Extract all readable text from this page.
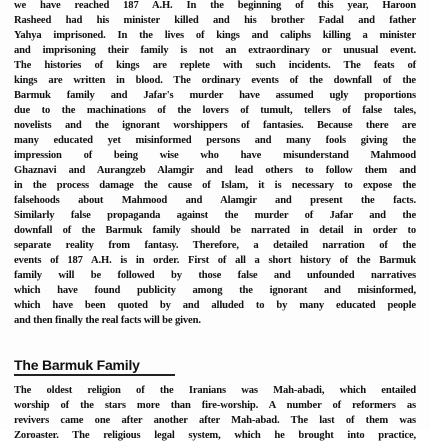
we have reached 187 A.H. In the beginning of this year, Haroon
Rasheed had his minister killed and his brother Fadal and father
Yahya imprisoned. In the lives of kings and caliphs killing a minister
and imprisoning their family is not an extraordinary or unusual event.
The histories of kings are replete with such incidents. The feats of
kings are written in blood. The ordinary events of the downfall of the
Barmuk family and Jafar's murder have assumed ugly proportions
due to the machinations of the lovers of tumult, tellers of false tales,
novelists and the ignorant worshippers of fantasies. Because there are
many educated yet misinformed persons and many fools giving the
impression of being wise who have misunderstand Mahmood
Ghaznavi and Aurangzeb Alamgir and lead others to follow them and
in the process damage the cause of Islam, it is necessary to expose the
falsehoods about Mahmood and Alamgir and present the facts.
Similarly false propaganda against the murder of Jafar and the
downfall of the Barmuk family should be narrated in detail in order to
separate reality from fantasy. Therefore, a detailed narration of the
events of 187 A.H. is in order. First of all a short history of the Barmuk
family will be followed by those false and unfounded narratives
which have found publicity among the ignorant and misinformed,
which have been quoted by and alluded to by many educated people
and then finally the real facts will be given.
The Barmuk Family
The oldest religion of the Iranians was Mah-abadi, which entailed
worship of the stars more than fire-worship. A number of reformers as
revivers came one after another after Mah-abad. The last of them was
Zoroaster. The religious legal system, which he brought into practice,
